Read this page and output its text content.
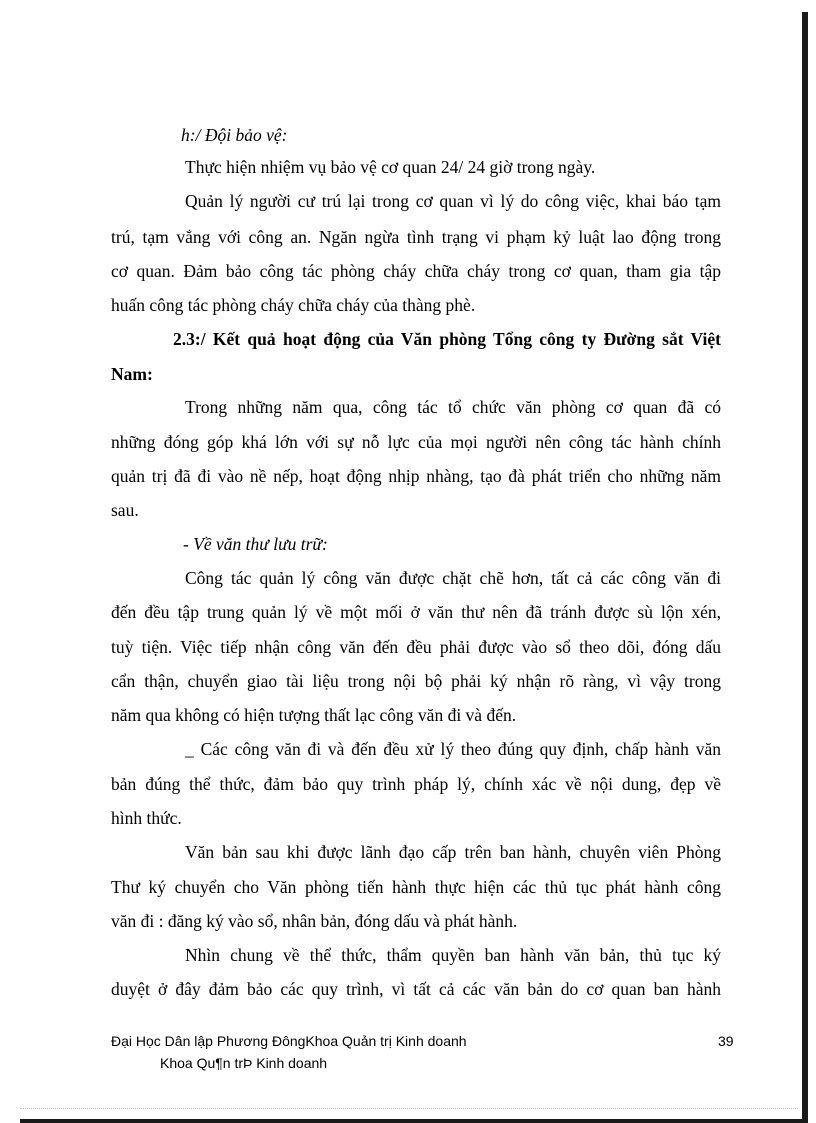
h:/ Đội bảo vệ:
Thực hiện nhiệm vụ bảo vệ cơ quan 24/ 24 giờ trong ngày.
Quản lý người cư trú lại trong cơ quan vì lý do công việc, khai báo tạm
trú, tạm vắng với công an. Ngăn ngừa tình trạng vi phạm kỷ luật lao động trong
cơ quan. Đảm bảo công tác phòng cháy chữa cháy trong cơ quan, tham gia tập
huấn công tác phòng cháy chữa cháy của thàng phè.
2.3:/ Kết quả hoạt động của Văn phòng Tổng công ty Đường sắt Việt
Nam:
Trong những năm qua, công tác tổ chức văn phòng cơ quan đã có
những đóng góp khá lớn với sự nỗ lực của mọi người nên công tác hành chính
quản trị đã đi vào nề nếp, hoạt động nhịp nhàng, tạo đà phát triển cho những năm
sau.
- Về văn thư lưu trữ:
Công tác quản lý công văn được chặt chẽ hơn, tất cả các công văn đi
đến đều tập trung quản lý về một mối ở văn thư nên đã tránh được sù lộn xén,
tuỳ tiện. Việc tiếp nhận công văn đến đều phải được vào sổ theo dõi, đóng dấu
cẩn thận, chuyển giao tài liệu trong nội bộ phải ký nhận rõ ràng, vì vậy trong
năm qua không có hiện tượng thất lạc công văn đi và đến.
_ Các công văn đi và đến đều xử lý theo đúng quy định, chấp hành văn
bản đúng thể thức, đảm bảo quy trình pháp lý, chính xác về nội dung, đẹp về
hình thức.
Văn bản sau khi được lãnh đạo cấp trên ban hành, chuyên viên Phòng
Thư ký chuyển cho Văn phòng tiến hành thực hiện các thủ tục phát hành công
văn đi : đăng ký vào sổ, nhân bản, đóng dấu và phát hành.
Nhìn chung về thể thức, thẩm quyền ban hành văn bản, thủ tục ký
duyệt ở đây đảm bảo các quy trình, vì tất cả các văn bản do cơ quan ban hành
Đại Học Dân lập Phương ĐôngKhoa Quản trị Kinh doanh
Khoa Qu¶n trÞ Kinh doanh
39
